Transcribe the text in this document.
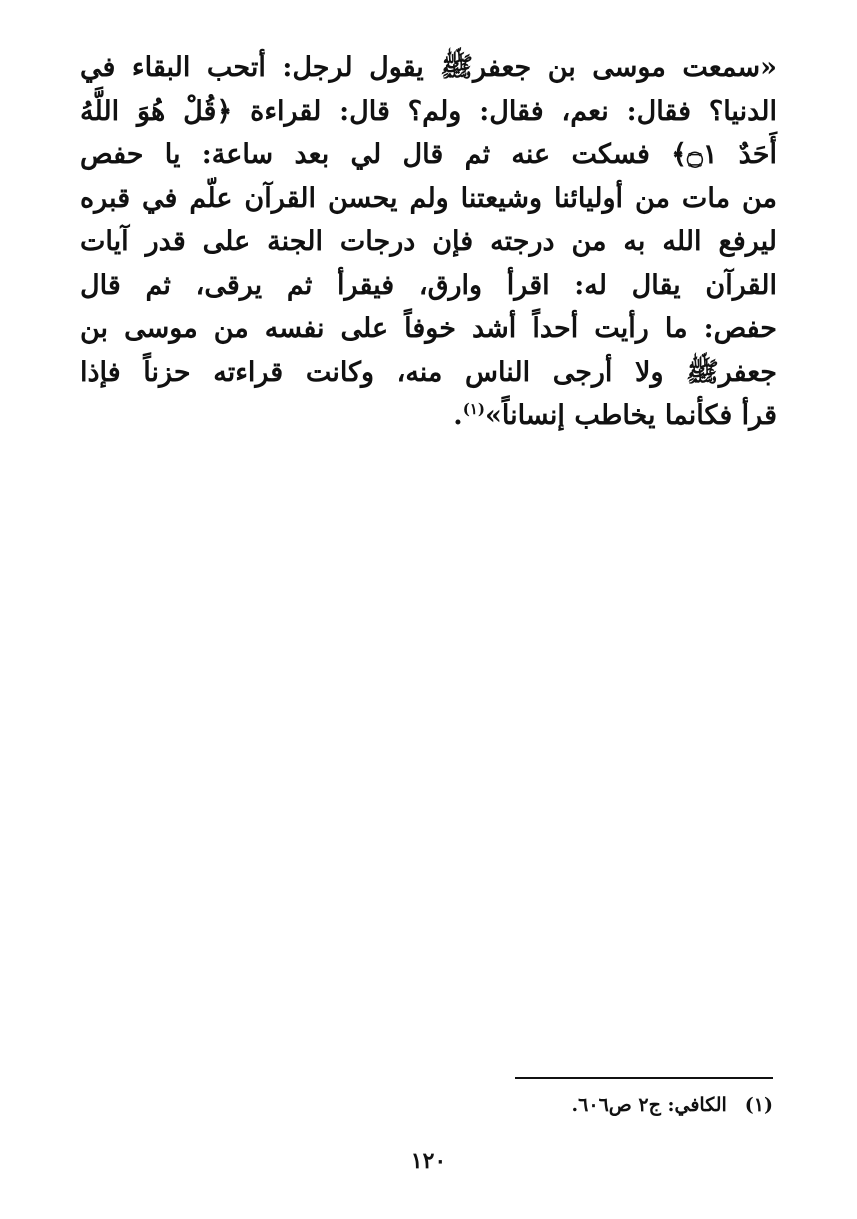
«سمعت موسى بن جعفرﷺ يقول لرجل: أتحب البقاء في
الدنيا؟ فقال: نعم، فقال: ولم؟ قال: لقراءة ﴿قُلْ هُوَ اللَّهُ
أَحَدٌ ۝١﴾ فسكت عنه ثم قال لي بعد ساعة: يا حفص
من مات من أوليائنا وشيعتنا ولم يحسن القرآن علّم في قبره
ليرفع الله به من درجته فإن درجات الجنة على قدر آيات
القرآن يقال له: اقرأ وارق، فيقرأ ثم يرقى، ثم قال
حفص: ما رأيت أحداً أشد خوفاً على نفسه من موسى بن
جعفرﷺ ولا أرجى الناس منه، وكانت قراءته حزناً فإذا
قرأ فكأنما يخاطب إنساناً»$^{(١)}$.
(١)الكافي: ج٢ ص٦٠٦.
١٢٠
